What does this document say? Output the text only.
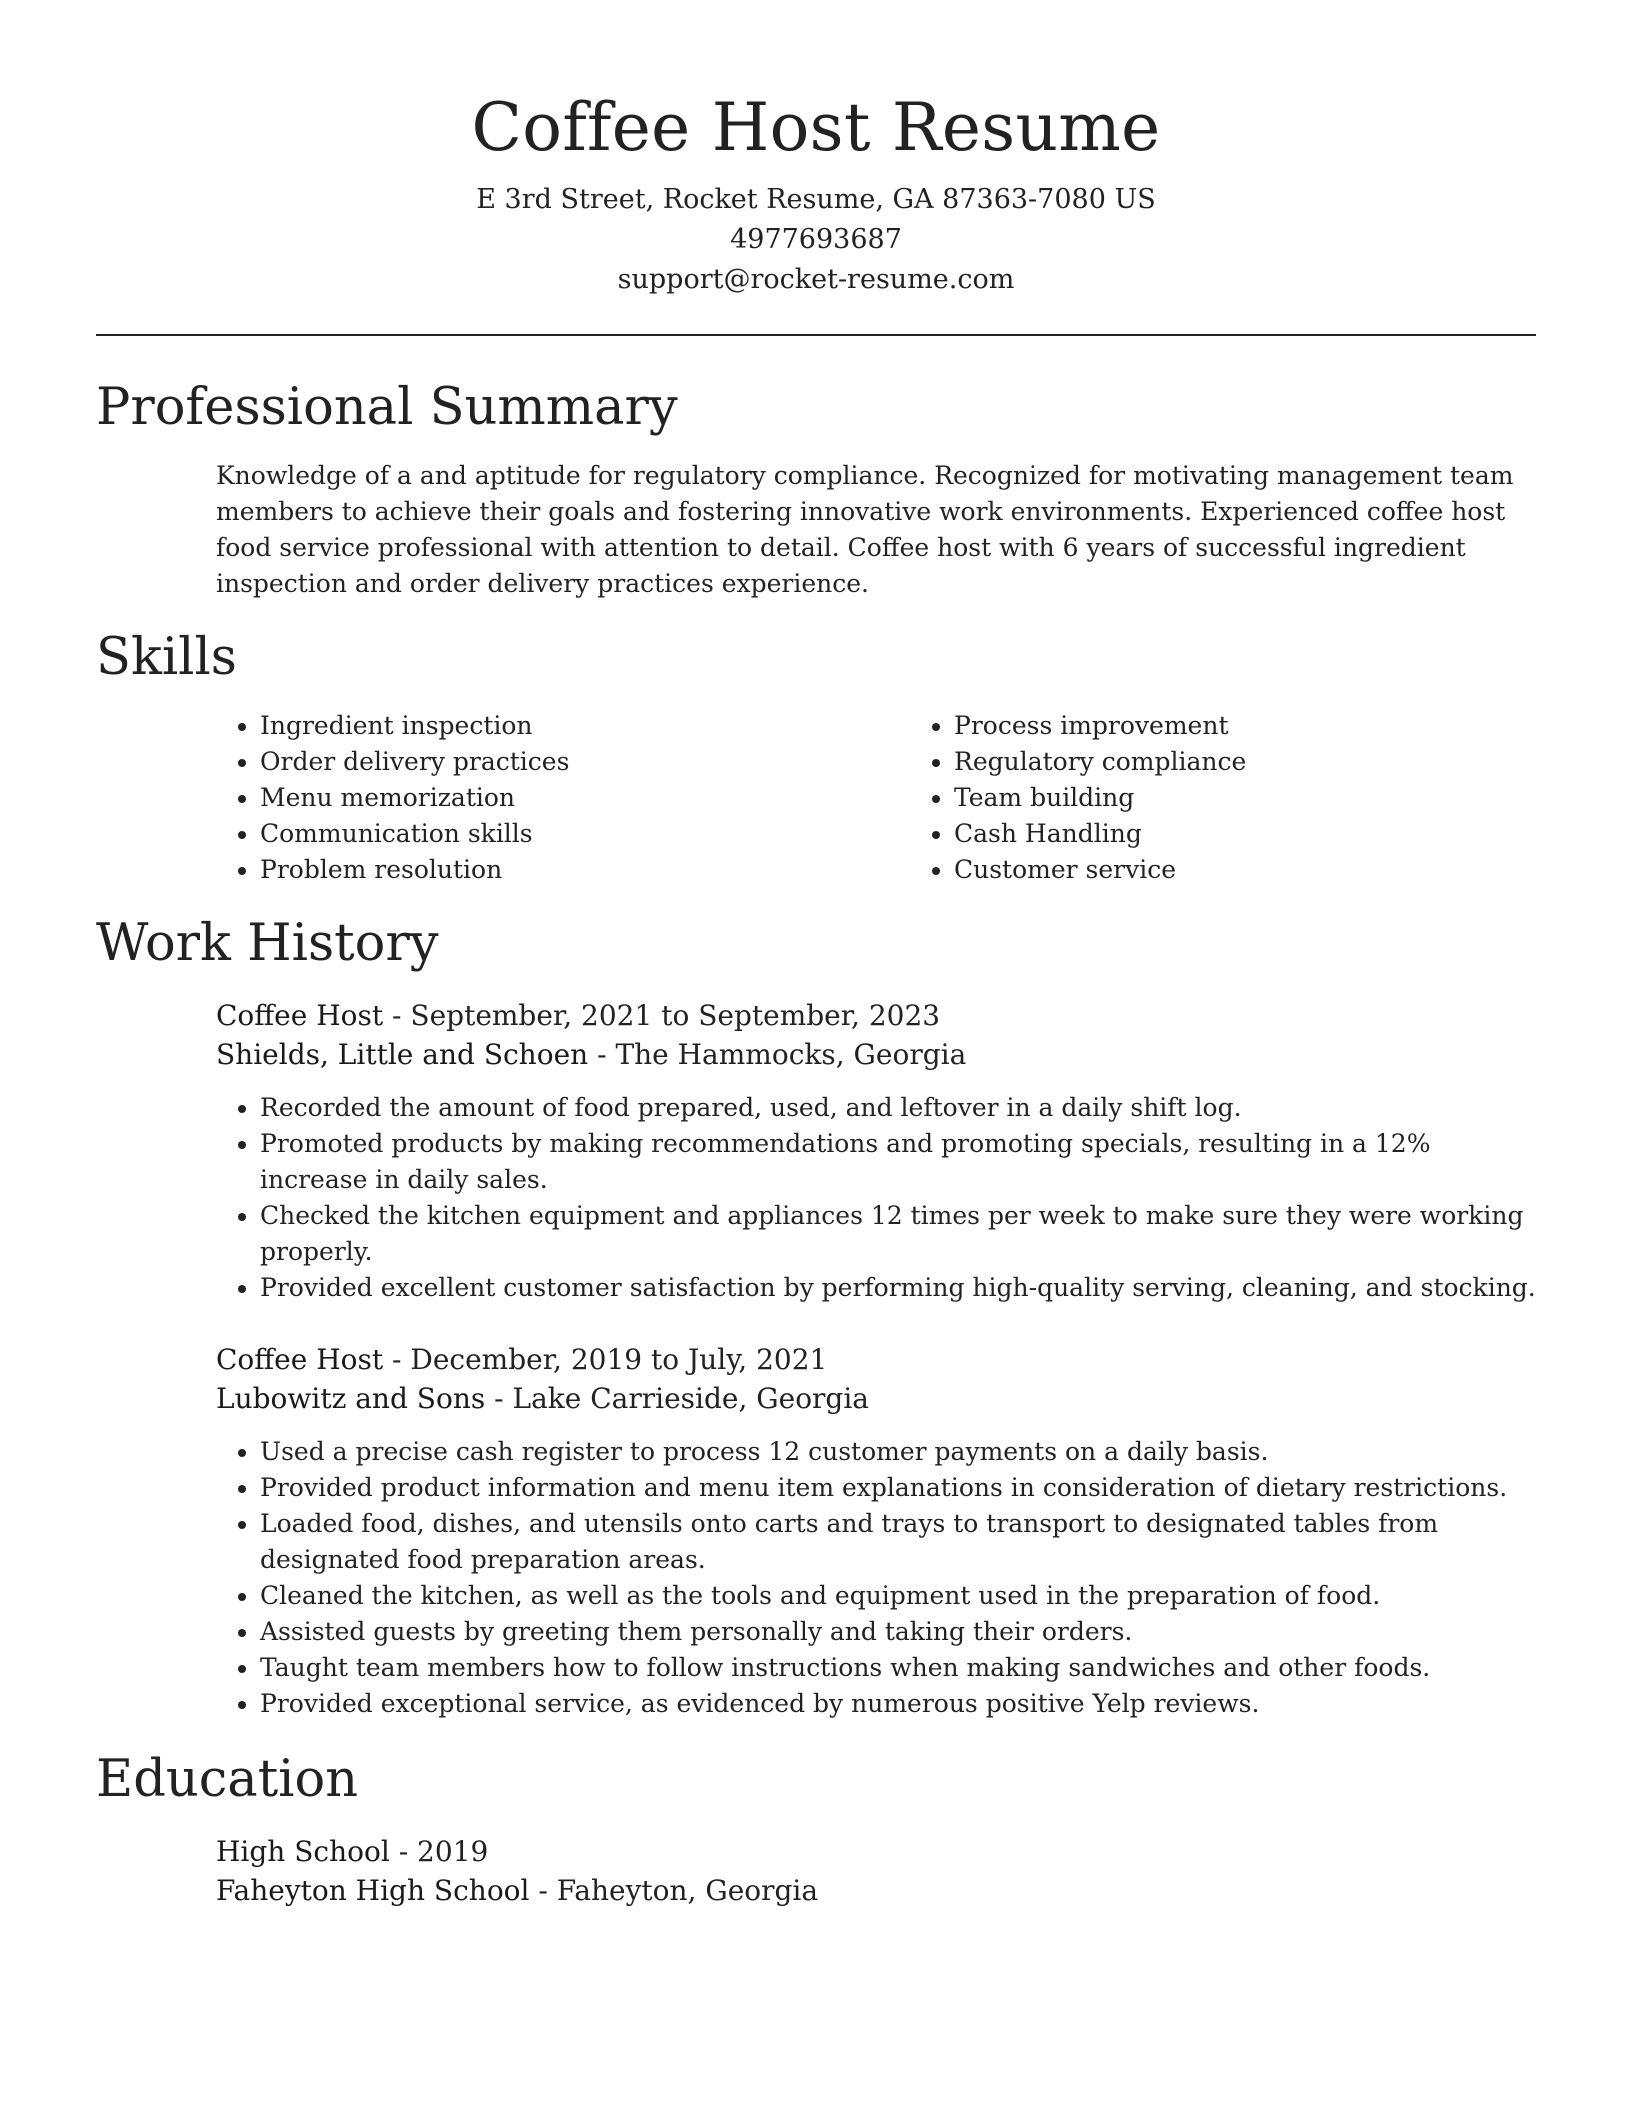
Coffee Host Resume
E 3rd Street, Rocket Resume, GA 87363-7080 US
4977693687
support@rocket-resume.com
Professional Summary
Knowledge of a and aptitude for regulatory compliance. Recognized for motivating management team members to achieve their goals and fostering innovative work environments. Experienced coffee host food service professional with attention to detail. Coffee host with 6 years of successful ingredient inspection and order delivery practices experience.
Skills
• Ingredient inspection
• Order delivery practices
• Menu memorization
• Communication skills
• Problem resolution
• Process improvement
• Regulatory compliance
• Team building
• Cash Handling
• Customer service
Work History
Coffee Host - September, 2021 to September, 2023
Shields, Little and Schoen - The Hammocks, Georgia
• Recorded the amount of food prepared, used, and leftover in a daily shift log.
• Promoted products by making recommendations and promoting specials, resulting in a 12% increase in daily sales.
• Checked the kitchen equipment and appliances 12 times per week to make sure they were working properly.
• Provided excellent customer satisfaction by performing high-quality serving, cleaning, and stocking.
Coffee Host - December, 2019 to July, 2021
Lubowitz and Sons - Lake Carrieside, Georgia
• Used a precise cash register to process 12 customer payments on a daily basis.
• Provided product information and menu item explanations in consideration of dietary restrictions.
• Loaded food, dishes, and utensils onto carts and trays to transport to designated tables from designated food preparation areas.
• Cleaned the kitchen, as well as the tools and equipment used in the preparation of food.
• Assisted guests by greeting them personally and taking their orders.
• Taught team members how to follow instructions when making sandwiches and other foods.
• Provided exceptional service, as evidenced by numerous positive Yelp reviews.
Education
High School - 2019
Faheyton High School - Faheyton, Georgia
